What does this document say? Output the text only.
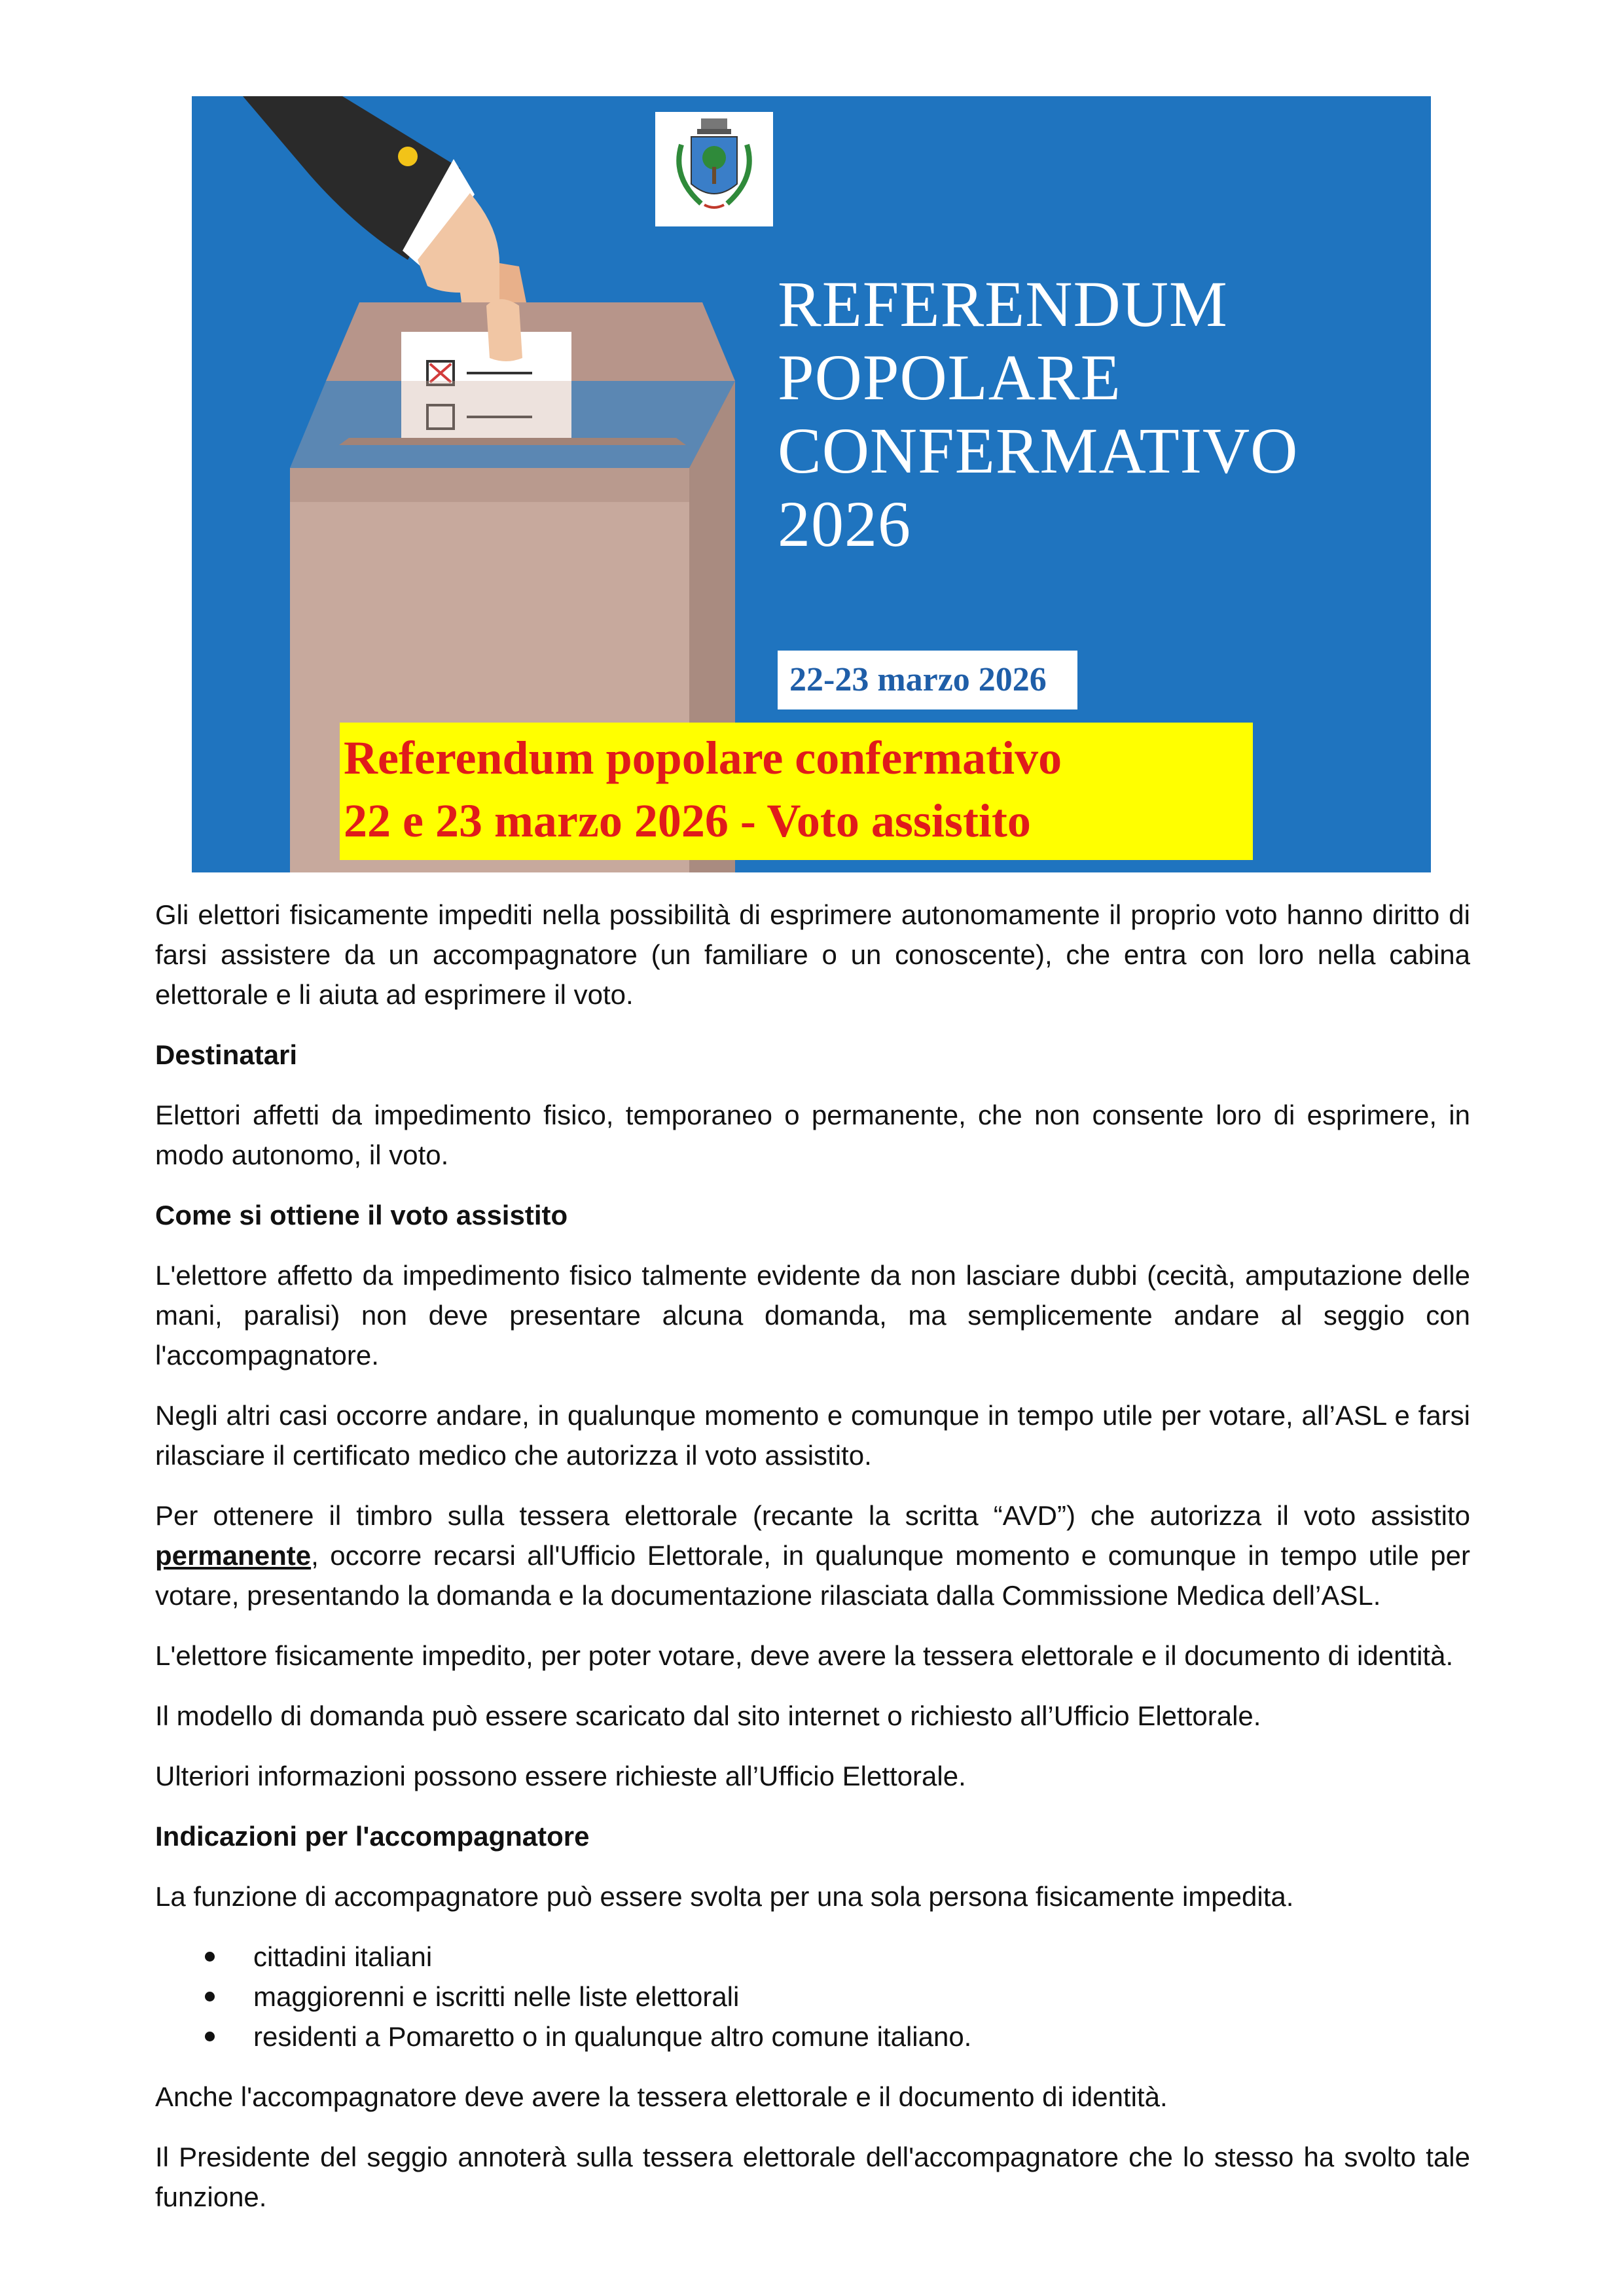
REFERENDUM
POPOLARE
CONFERMATIVO
2026
22-23 marzo 2026
Referendum popolare confermativo
22 e 23 marzo 2026 - Voto assistito

Gli elettori fisicamente impediti nella possibilità di esprimere autonomamente il proprio voto hanno diritto di farsi assistere da un accompagnatore (un familiare o un conoscente), che entra con loro nella cabina elettorale e li aiuta ad esprimere il voto.

Destinatari

Elettori affetti da impedimento fisico, temporaneo o permanente, che non consente loro di esprimere, in modo autonomo, il voto.

Come si ottiene il voto assistito

L'elettore affetto da impedimento fisico talmente evidente da non lasciare dubbi (cecità, amputazione delle mani, paralisi) non deve presentare alcuna domanda, ma semplicemente andare al seggio con l'accompagnatore.

Negli altri casi occorre andare, in qualunque momento e comunque in tempo utile per votare, all’ASL e farsi rilasciare il certificato medico che autorizza il voto assistito.

Per ottenere il timbro sulla tessera elettorale (recante la scritta “AVD”) che autorizza il voto assistito permanente, occorre recarsi all'Ufficio Elettorale, in qualunque momento e comunque in tempo utile per votare, presentando la domanda e la documentazione rilasciata dalla Commissione Medica dell’ASL.

L'elettore fisicamente impedito, per poter votare, deve avere la tessera elettorale e il documento di identità.

Il modello di domanda può essere scaricato dal sito internet o richiesto all’Ufficio Elettorale.

Ulteriori informazioni possono essere richieste all’Ufficio Elettorale.

Indicazioni per l'accompagnatore

La funzione di accompagnatore può essere svolta per una sola persona fisicamente impedita.

cittadini italiani
maggiorenni e iscritti nelle liste elettorali
residenti a Pomaretto o in qualunque altro comune italiano.

Anche l'accompagnatore deve avere la tessera elettorale e il documento di identità.

Il Presidente del seggio annoterà sulla tessera elettorale dell'accompagnatore che lo stesso ha svolto tale funzione.
